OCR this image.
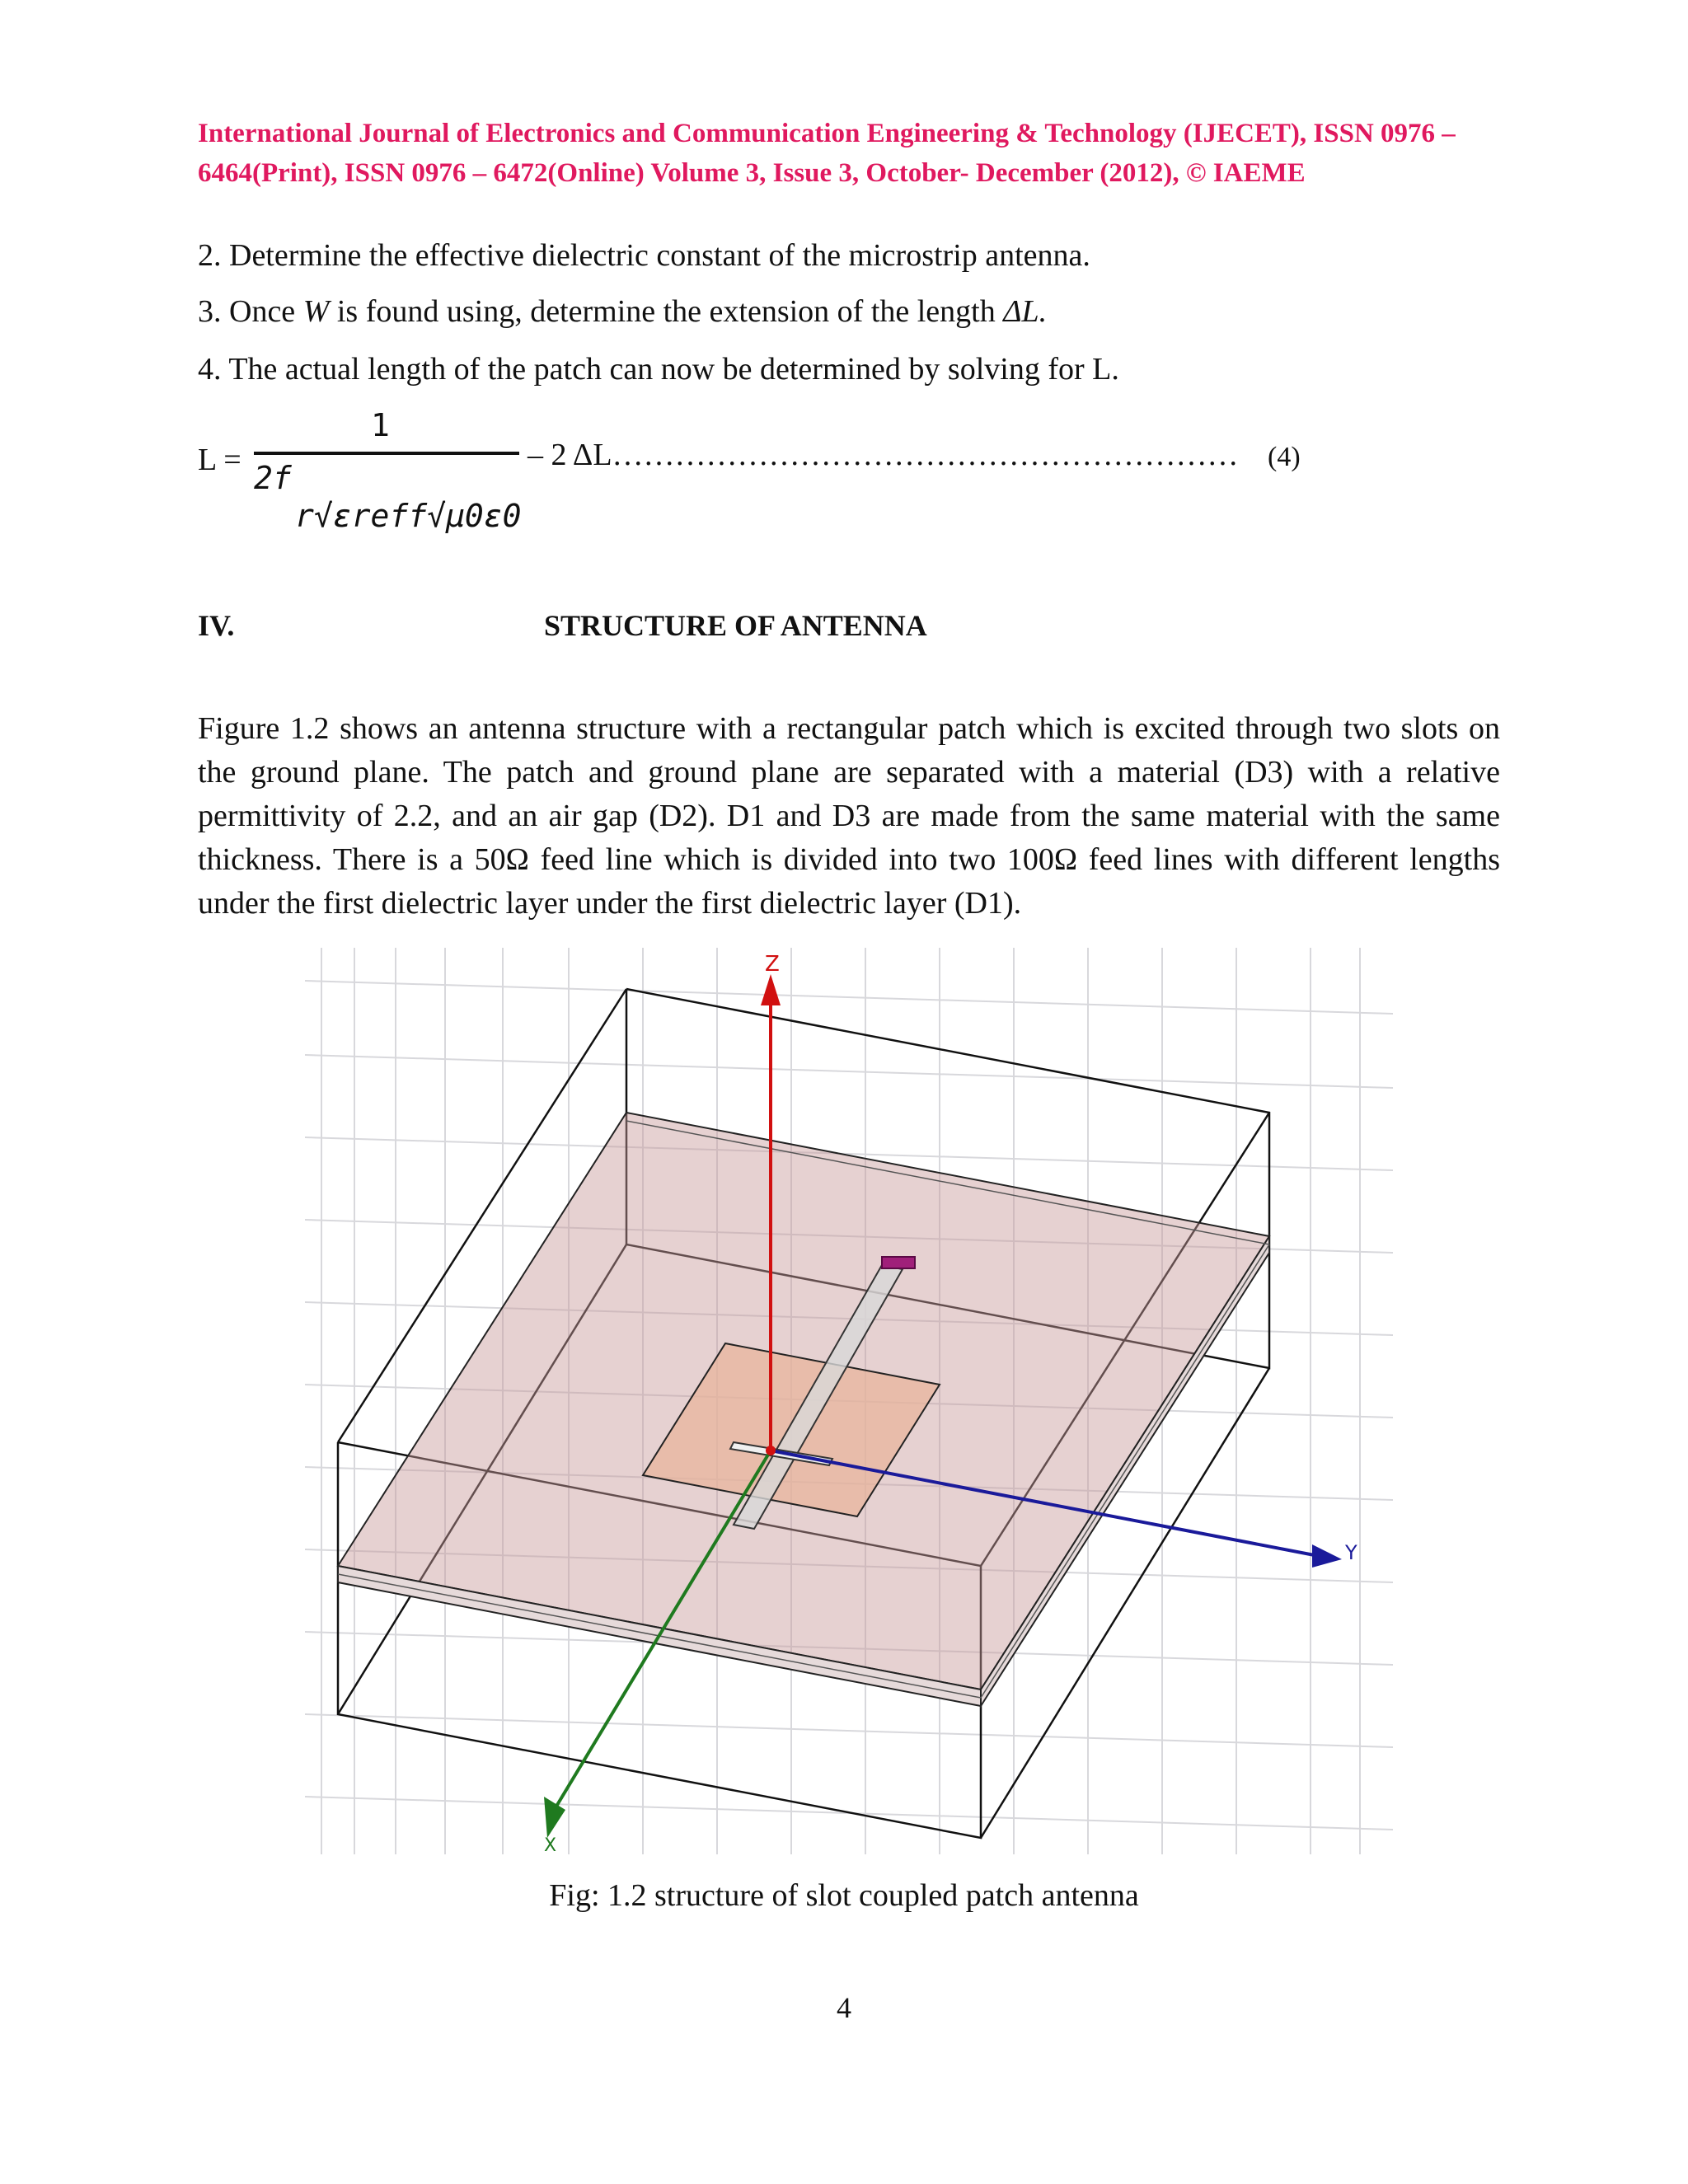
International Journal of Electronics and Communication Engineering & Technology (IJECET), ISSN 0976 –
6464(Print), ISSN 0976 – 6472(Online) Volume 3, Issue 3, October- December (2012), © IAEME
2. Determine the effective dielectric constant of the microstrip antenna.
3. Once W is found using, determine the extension of the length ΔL.
4. The actual length of the patch can now be determined by solving for L.
L =
1
2f
r√εreff√μ0ε0
– 2 ΔL…………………………………………………… (4)
IV.	STRUCTURE OF ANTENNA
Figure 1.2 shows an antenna structure with a rectangular patch which is excited through two slots on the ground plane. The patch and ground plane are separated with a material (D3) with a relative permittivity of 2.2, and an air gap (D2). D1 and D3 are made from the same material with the same thickness. There is a 50Ω feed line which is divided into two 100Ω feed lines with different lengths under the first dielectric layer under the first dielectric layer (D1).
Z
Y
X
Fig: 1.2 structure of slot coupled patch antenna
4
